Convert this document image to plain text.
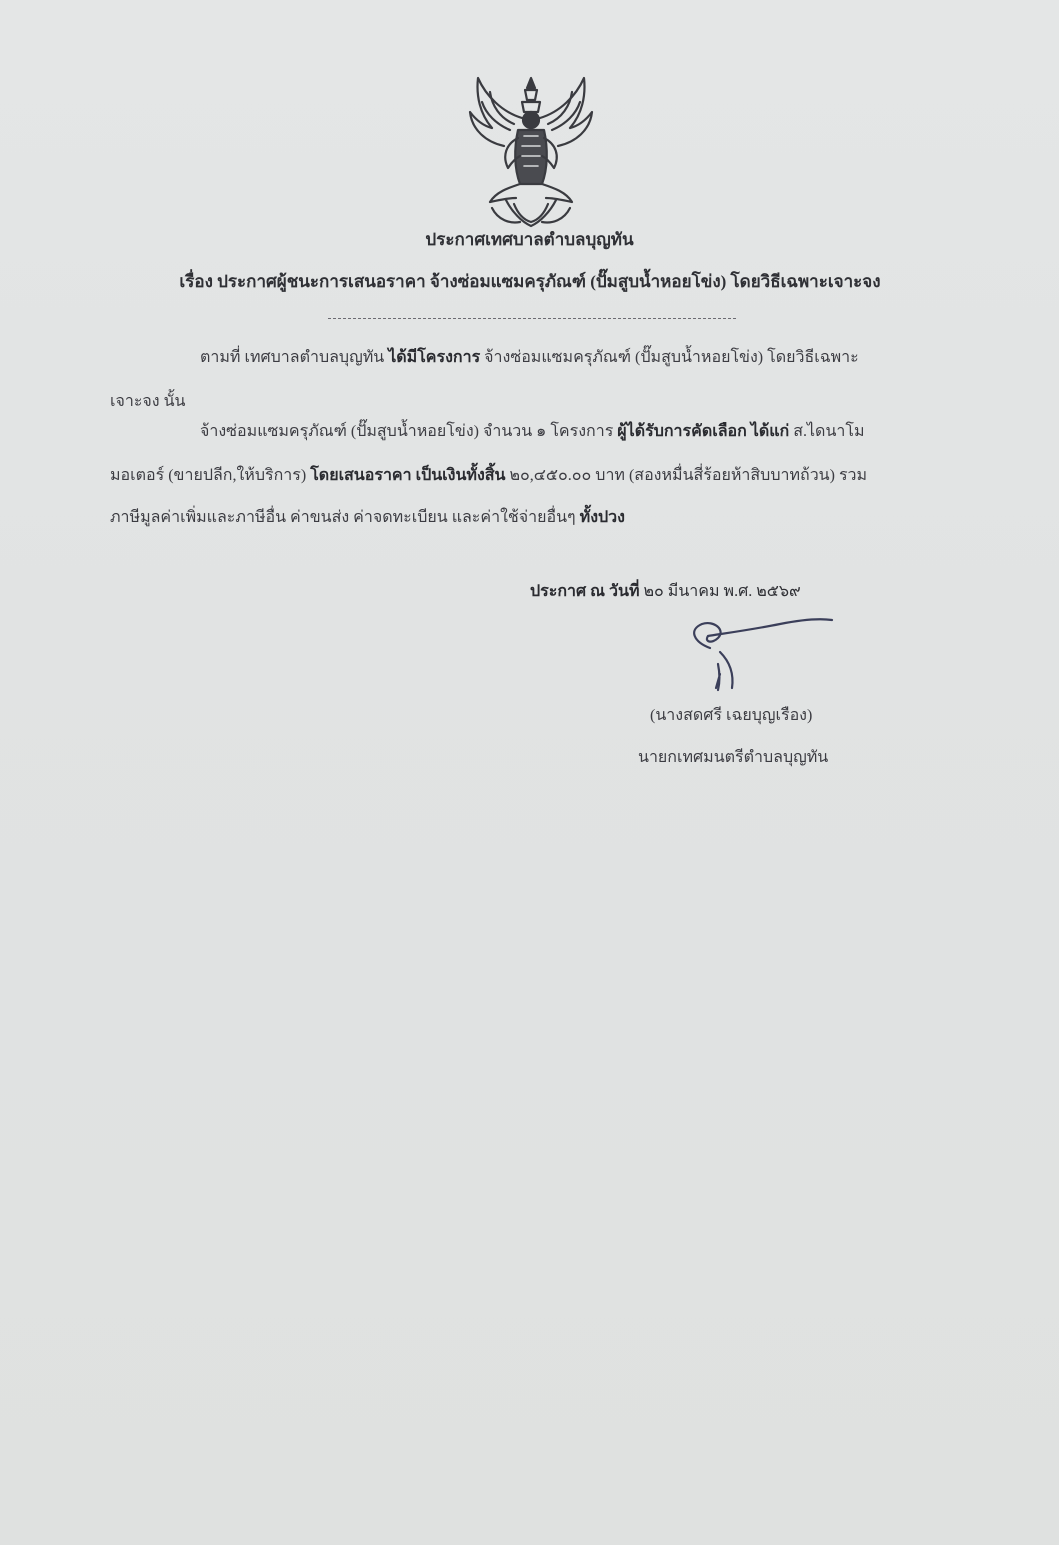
ประกาศเทศบาลตำบลบุญทัน
เรื่อง ประกาศผู้ชนะการเสนอราคา จ้างซ่อมแซมครุภัณฑ์ (ปั๊มสูบน้ำหอยโข่ง) โดยวิธีเฉพาะเจาะจง
ตามที่ เทศบาลตำบลบุญทัน ได้มีโครงการ จ้างซ่อมแซมครุภัณฑ์ (ปั๊มสูบน้ำหอยโข่ง) โดยวิธีเฉพาะ
เจาะจง นั้น
จ้างซ่อมแซมครุภัณฑ์ (ปั๊มสูบน้ำหอยโข่ง) จำนวน ๑ โครงการ ผู้ได้รับการคัดเลือก ได้แก่ ส.ไดนาโม
มอเตอร์ (ขายปลีก,ให้บริการ) โดยเสนอราคา เป็นเงินทั้งสิ้น ๒๐,๔๕๐.๐๐ บาท (สองหมื่นสี่ร้อยห้าสิบบาทถ้วน) รวม
ภาษีมูลค่าเพิ่มและภาษีอื่น ค่าขนส่ง ค่าจดทะเบียน และค่าใช้จ่ายอื่นๆ ทั้งปวง
ประกาศ ณ วันที่ ๒๐ มีนาคม พ.ศ. ๒๕๖๙
(นางสดศรี เฉยบุญเรือง)
นายกเทศมนตรีตำบลบุญทัน
